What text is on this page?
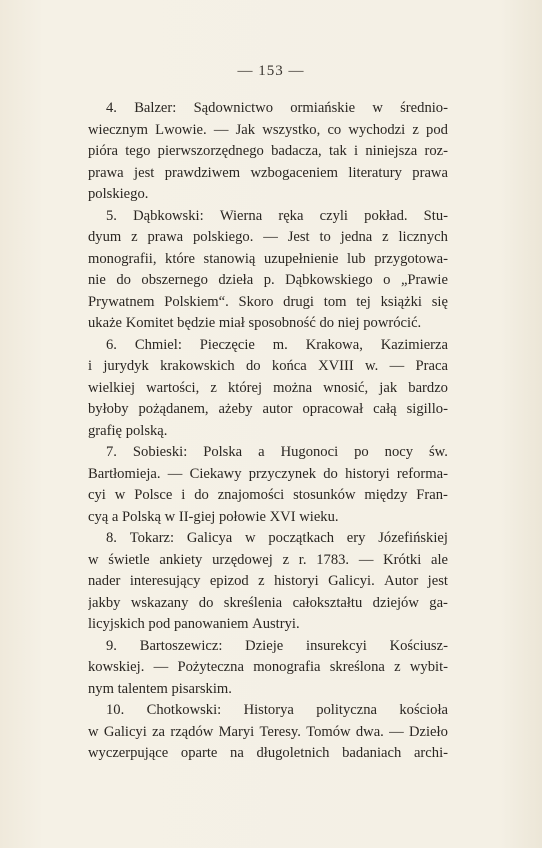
— 153 —
4. Balzer: Sądownictwo ormiańskie w średnio-
wiecznym Lwowie. — Jak wszystko, co wychodzi z pod
pióra tego pierwszorzędnego badacza, tak i niniejsza roz-
prawa jest prawdziwem wzbogaceniem literatury prawa
polskiego.
5. Dąbkowski: Wierna ręka czyli pokład. Stu-
dyum z prawa polskiego. — Jest to jedna z licznych
monografii, które stanowią uzupełnienie lub przygotowa-
nie do obszernego dzieła p. Dąbkowskiego o „Prawie
Prywatnem Polskiem“. Skoro drugi tom tej książki się
ukaże Komitet będzie miał sposobność do niej powrócić.
6. Chmiel: Pieczęcie m. Krakowa, Kazimierza
i jurydyk krakowskich do końca XVIII w. — Praca
wielkiej wartości, z której można wnosić, jak bardzo
byłoby pożądanem, ażeby autor opracował całą sigillo-
grafię polską.
7. Sobieski: Polska a Hugonoci po nocy św.
Bartłomieja. — Ciekawy przyczynek do historyi reforma-
cyi w Polsce i do znajomości stosunków między Fran-
cyą a Polską w II-giej połowie XVI wieku.
8. Tokarz: Galicya w początkach ery Józefińskiej
w świetle ankiety urzędowej z r. 1783. — Krótki ale
nader interesujący epizod z historyi Galicyi. Autor jest
jakby wskazany do skreślenia całokształtu dziejów ga-
licyjskich pod panowaniem Austryi.
9. Bartoszewicz: Dzieje insurekcyi Kościusz-
kowskiej. — Pożyteczna monografia skreślona z wybit-
nym talentem pisarskim.
10. Chotkowski: Historya polityczna kościoła
w Galicyi za rządów Maryi Teresy. Tomów dwa. — Dzieło
wyczerpujące oparte na długoletnich badaniach archi-
